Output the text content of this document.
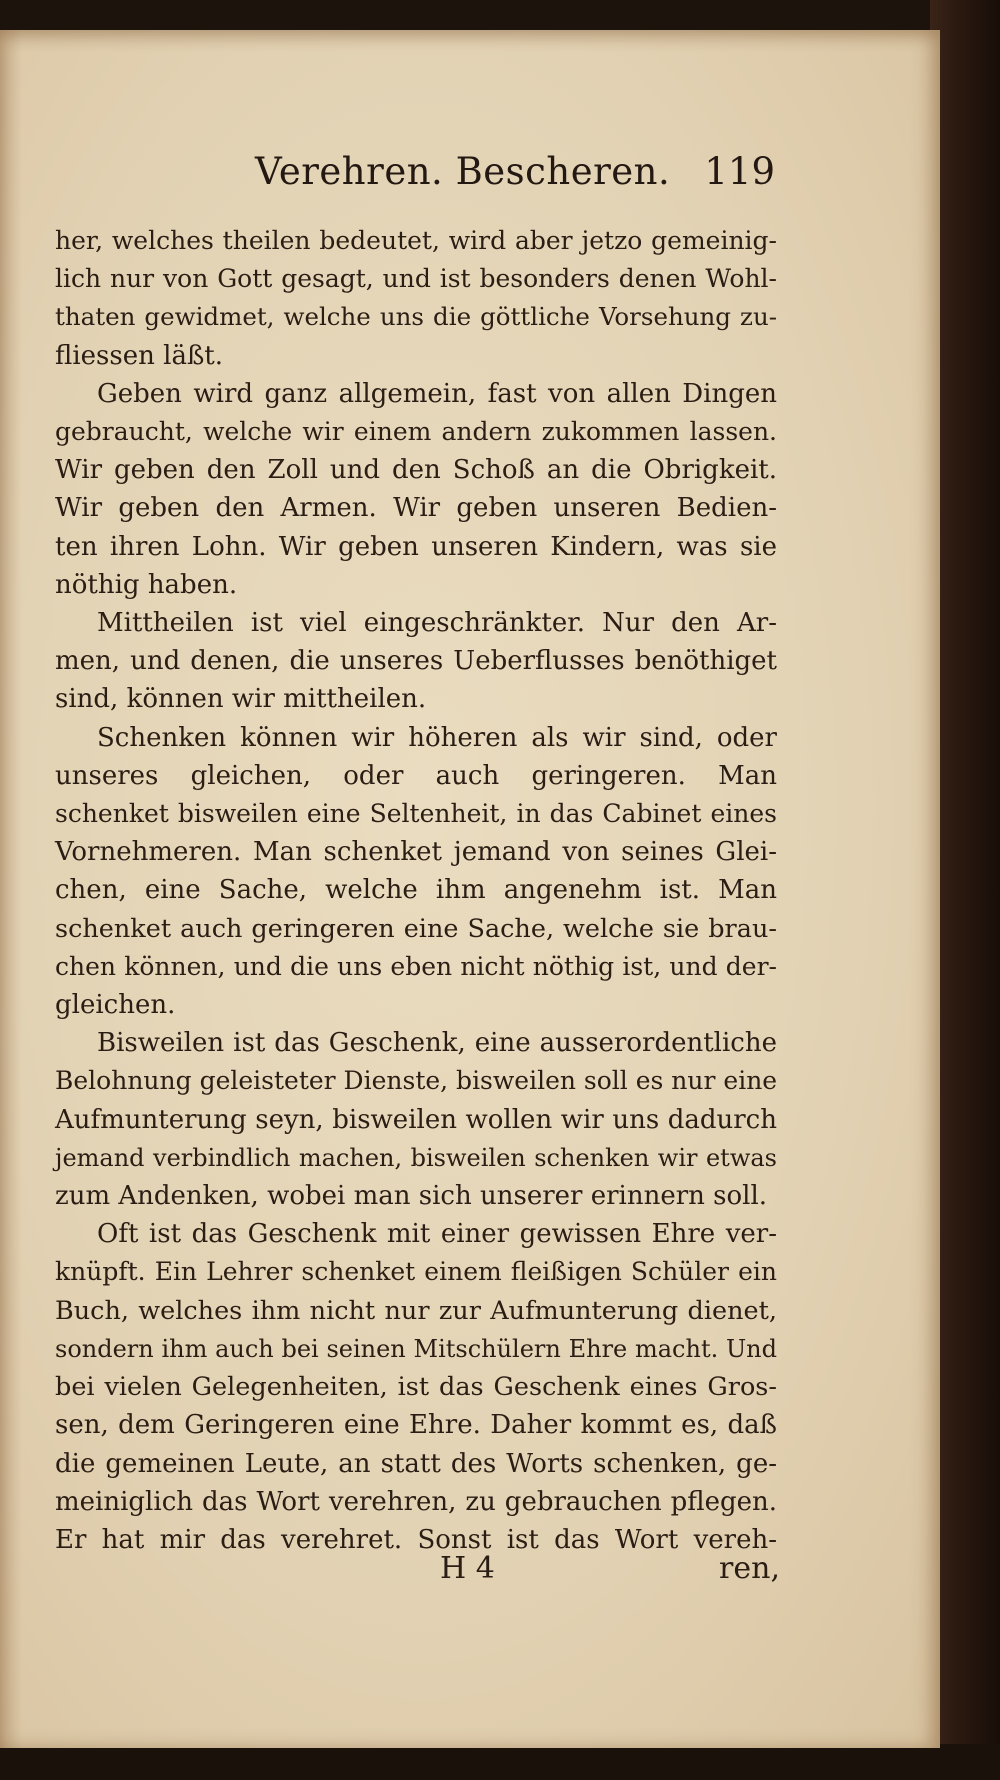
Verehren. Bescheren. 119
her, welches theilen bedeutet, wird aber jetzo gemeinig-
lich nur von Gott gesagt, und ist besonders denen Wohl-
thaten gewidmet, welche uns die göttliche Vorsehung zu-
fliessen läßt.
Geben wird ganz allgemein, fast von allen Dingen
gebraucht, welche wir einem andern zukommen lassen.
Wir geben den Zoll und den Schoß an die Obrigkeit.
Wir geben den Armen. Wir geben unseren Bedien-
ten ihren Lohn. Wir geben unseren Kindern, was sie
nöthig haben.
Mittheilen ist viel eingeschränkter. Nur den Ar-
men, und denen, die unseres Ueberflusses benöthiget
sind, können wir mittheilen.
Schenken können wir höheren als wir sind, oder
unseres gleichen, oder auch geringeren. Man
schenket bisweilen eine Seltenheit, in das Cabinet eines
Vornehmeren. Man schenket jemand von seines Glei-
chen, eine Sache, welche ihm angenehm ist. Man
schenket auch geringeren eine Sache, welche sie brau-
chen können, und die uns eben nicht nöthig ist, und der-
gleichen.
Bisweilen ist das Geschenk, eine ausserordentliche
Belohnung geleisteter Dienste, bisweilen soll es nur eine
Aufmunterung seyn, bisweilen wollen wir uns dadurch
jemand verbindlich machen, bisweilen schenken wir etwas
zum Andenken, wobei man sich unserer erinnern soll.
Oft ist das Geschenk mit einer gewissen Ehre ver-
knüpft. Ein Lehrer schenket einem fleißigen Schüler ein
Buch, welches ihm nicht nur zur Aufmunterung dienet,
sondern ihm auch bei seinen Mitschülern Ehre macht. Und
bei vielen Gelegenheiten, ist das Geschenk eines Gros-
sen, dem Geringeren eine Ehre. Daher kommt es, daß
die gemeinen Leute, an statt des Worts schenken, ge-
meiniglich das Wort verehren, zu gebrauchen pflegen.
Er hat mir das verehret. Sonst ist das Wort vereh-
H 4	ren,
